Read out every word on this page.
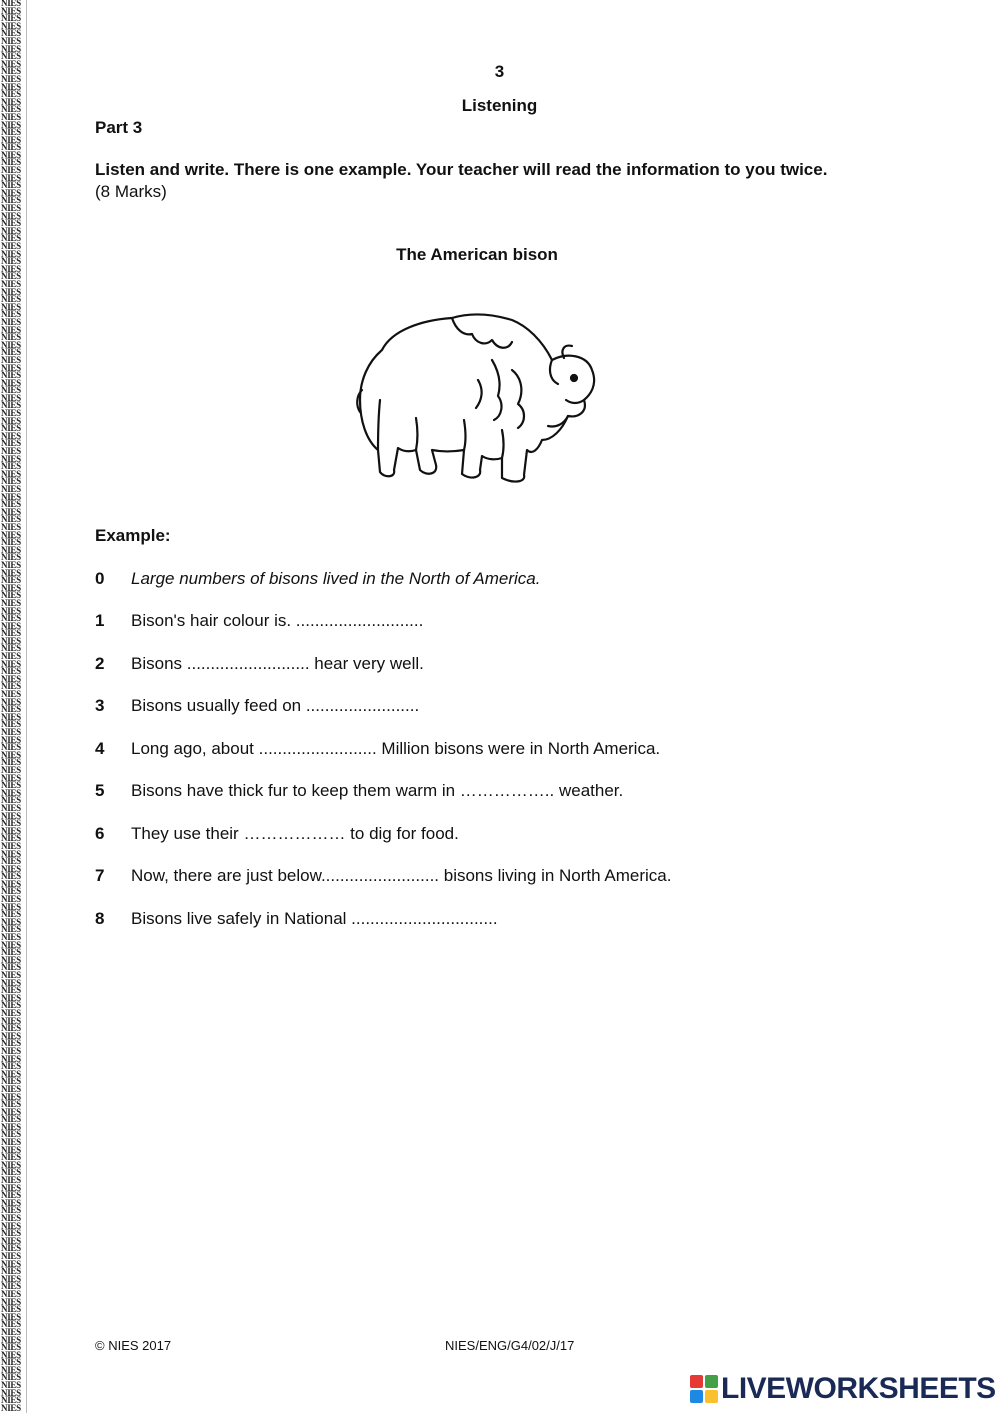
NIES
NIES
NIES
NIES
NIES
NIES
NIES
NIES
NIES
NIES
NIES
NIES
NIES
NIES
NIES
NIES
NIES
NIES
NIES
NIES
NIES
NIES
NIES
NIES
NIES
NIES
NIES
NIES
NIES
NIES
NIES
NIES
NIES
NIES
NIES
NIES
NIES
NIES
NIES
NIES
NIES
NIES
NIES
NIES
NIES
NIES
NIES
NIES
NIES
NIES
NIES
NIES
NIES
NIES
NIES
NIES
NIES
NIES
NIES
NIES
NIES
NIES
NIES
NIES
NIES
NIES
NIES
NIES
NIES
NIES
NIES
NIES
NIES
NIES
NIES
NIES
NIES
NIES
NIES
NIES
NIES
NIES
NIES
NIES
NIES
NIES
NIES
NIES
NIES
NIES
NIES
NIES
NIES
NIES
NIES
NIES
NIES
NIES
NIES
NIES
NIES
NIES
NIES
NIES
NIES
NIES
NIES
NIES
NIES
NIES
NIES
NIES
NIES
NIES
NIES
NIES
NIES
NIES
NIES
NIES
NIES
NIES
NIES
NIES
NIES
NIES
NIES
NIES
NIES
NIES
NIES
NIES
NIES
NIES
NIES
NIES
NIES
NIES
NIES
NIES
NIES
NIES
NIES
NIES
NIES
NIES
NIES
NIES
NIES
NIES
NIES
NIES
NIES
NIES
NIES
NIES
NIES
NIES
NIES
NIES
NIES
NIES
NIES
NIES
NIES
NIES
NIES
NIES
NIES
NIES
NIES
NIES
NIES
NIES
NIES
NIES
NIES
NIES
NIES
NIES
NIES
NIES
NIES
NIES
NIES
NIES
3
Listening
Part 3
Listen and write. There is one example. Your teacher will read the information to you twice.
(8 Marks)
The American bison
Example:
0 Large numbers of bisons lived in the North of America.
1 Bison's hair colour is. ...........................
2 Bisons .......................... hear very well.
3 Bisons usually feed on ........................
4 Long ago, about ......................... Million bisons were in North America.
5 Bisons have thick fur to keep them warm in …………….. weather.
6 They use their ……………… to dig for food.
7 Now, there are just below......................... bisons living in North America.
8 Bisons live safely in National ...............................
© NIES 2017	NIES/ENG/G4/02/J/17
LIVEWORKSHEETS
